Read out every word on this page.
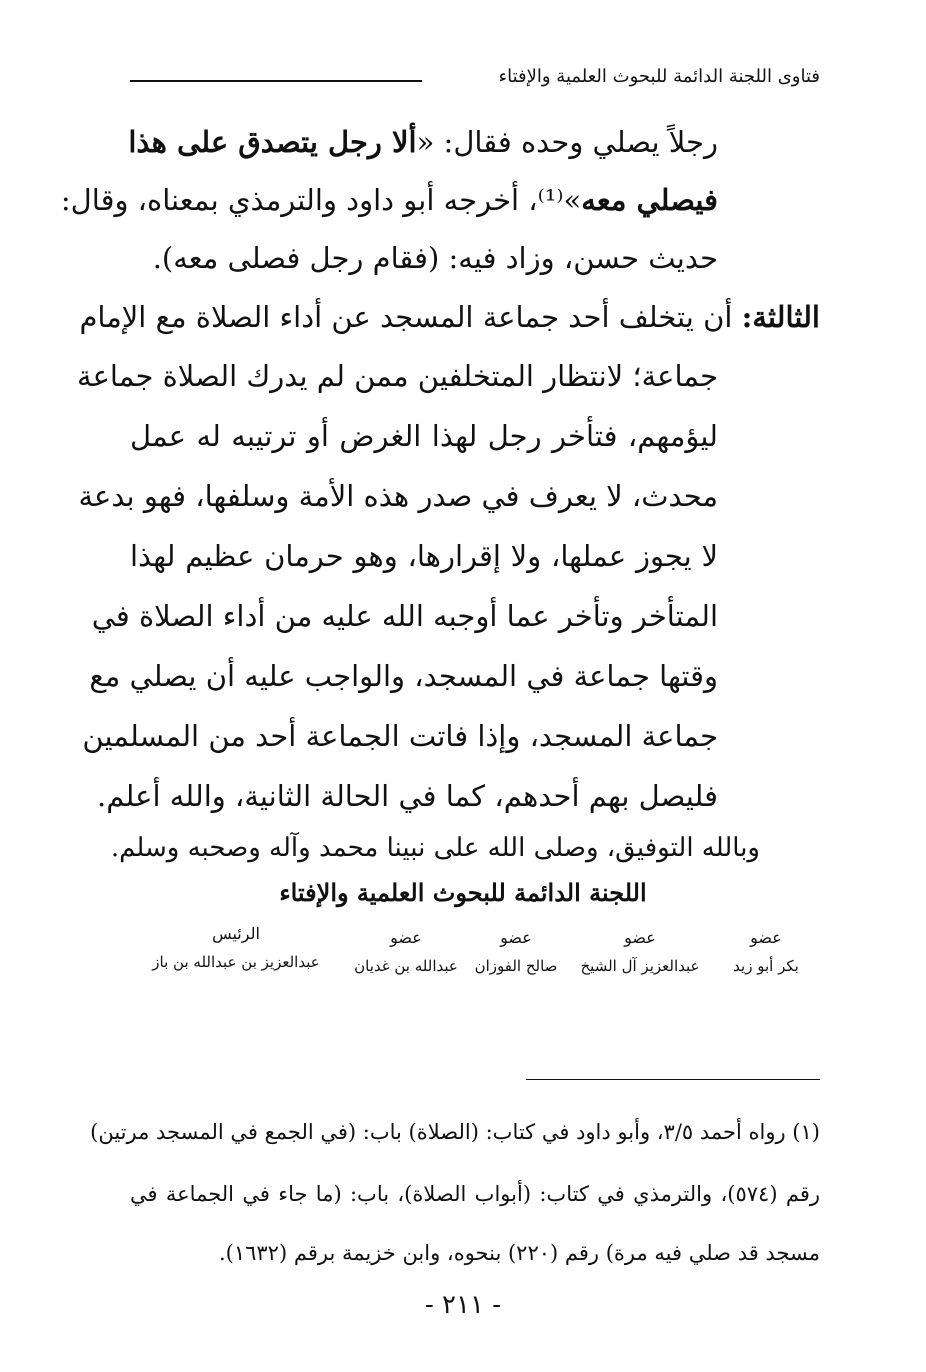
فتاوى اللجنة الدائمة للبحوث العلمية والإفتاء
رجلاً يصلي وحده فقال: «ألا رجل يتصدق على هذا
فيصلي معه»⁽¹⁾، أخرجه أبو داود والترمذي بمعناه، وقال:
حديث حسن، وزاد فيه: (فقام رجل فصلى معه).
الثالثة: أن يتخلف أحد جماعة المسجد عن أداء الصلاة مع الإمام
جماعة؛ لانتظار المتخلفين ممن لم يدرك الصلاة جماعة
ليؤمهم، فتأخر رجل لهذا الغرض أو ترتيبه له عمل
محدث، لا يعرف في صدر هذه الأمة وسلفها، فهو بدعة
لا يجوز عملها، ولا إقرارها، وهو حرمان عظيم لهذا
المتأخر وتأخر عما أوجبه الله عليه من أداء الصلاة في
وقتها جماعة في المسجد، والواجب عليه أن يصلي مع
جماعة المسجد، وإذا فاتت الجماعة أحد من المسلمين
فليصل بهم أحدهم، كما في الحالة الثانية، والله أعلم.
وبالله التوفيق، وصلى الله على نبينا محمد وآله وصحبه وسلم.
اللجنة الدائمة للبحوث العلمية والإفتاء
عضو
بكر أبو زيد
عضو
عبدالعزيز آل الشيخ
عضو
صالح الفوزان
عضو
عبدالله بن غديان
الرئيس
عبدالعزيز بن عبدالله بن باز
(١) رواه أحمد ٣/٥، وأبو داود في كتاب: (الصلاة) باب: (في الجمع في المسجد مرتين)
رقم (٥٧٤)، والترمذي في كتاب: (أبواب الصلاة)، باب: (ما جاء في الجماعة في
مسجد قد صلي فيه مرة) رقم (٢٢٠) بنحوه، وابن خزيمة برقم (١٦٣٢).
- ٢١١ -
